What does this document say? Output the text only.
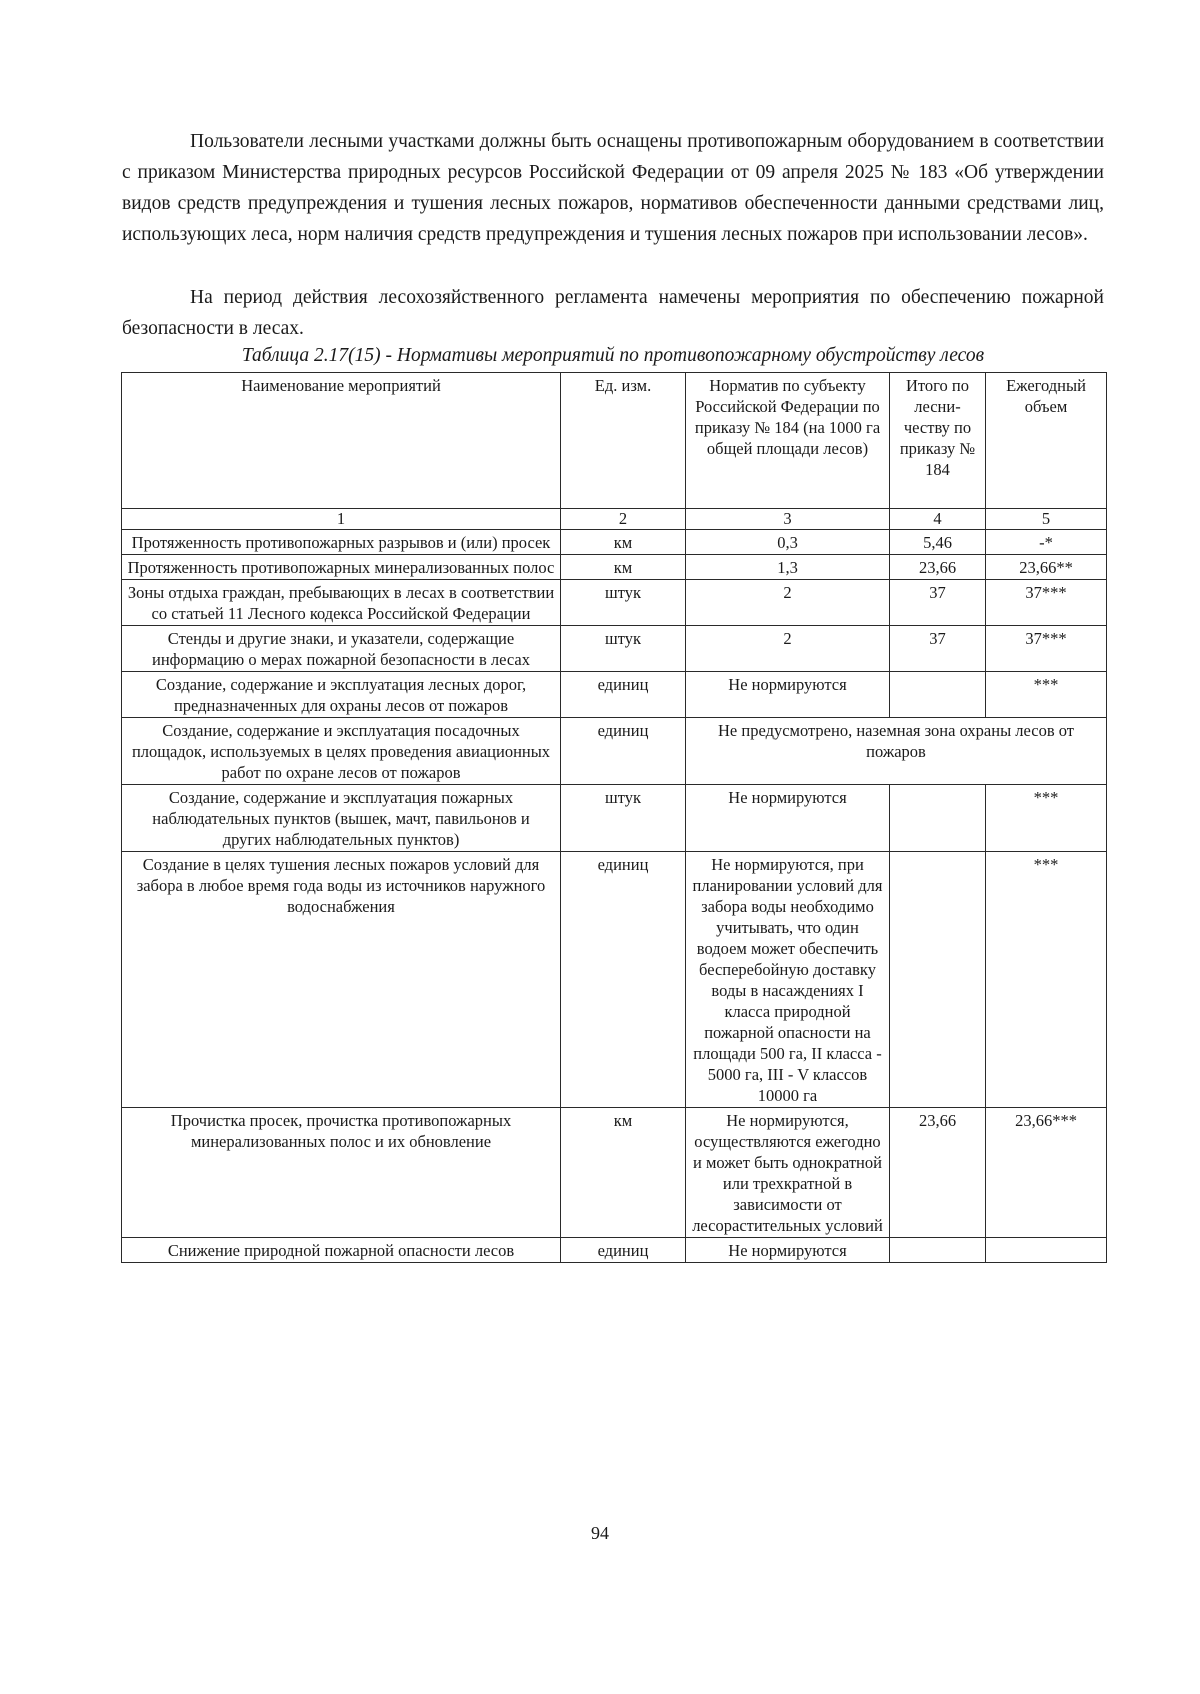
Пользователи лесными участками должны быть оснащены противопожарным оборудованием в соответствии с приказом Министерства природных ресурсов Российской Федерации от 09 апреля 2025 № 183 «Об утверждении видов средств предупреждения и тушения лесных пожаров, нормативов обеспеченности данными средствами лиц, использующих леса, норм наличия средств предупреждения и тушения лесных пожаров при использовании лесов».

На период действия лесохозяйственного регламента намечены мероприятия по обеспечению пожарной безопасности в лесах.

Таблица 2.17(15) - Нормативы мероприятий по противопожарному обустройству лесов

Наименование мероприятий	Ед. изм.	Норматив по субъекту Российской Федерации по приказу № 184 (на 1000 га общей площади лесов)	Итого по лесни-честву по приказу № 184	Ежегодный объем
1	2	3	4	5
Протяженность противопожарных разрывов и (или) просек	км	0,3	5,46	-*
Протяженность противопожарных минерализованных полос	км	1,3	23,66	23,66**
Зоны отдыха граждан, пребывающих в лесах в соответствии со статьей 11 Лесного кодекса Российской Федерации	штук	2	37	37***
Стенды и другие знаки, и указатели, содержащие информацию о мерах пожарной безопасности в лесах	штук	2	37	37***
Создание, содержание и эксплуатация лесных дорог, предназначенных для охраны лесов от пожаров	единиц	Не нормируются		***
Создание, содержание и эксплуатация посадочных площадок, используемых в целях проведения авиационных работ по охране лесов от пожаров	единиц	Не предусмотрено, наземная зона охраны лесов от пожаров		
Создание, содержание и эксплуатация пожарных наблюдательных пунктов (вышек, мачт, павильонов и других наблюдательных пунктов)	штук	Не нормируются		***
Создание в целях тушения лесных пожаров условий для забора в любое время года воды из источников наружного водоснабжения	единиц	Не нормируются, при планировании условий для забора воды необходимо учитывать, что один водоем может обеспечить бесперебойную доставку воды в насаждениях I класса природной пожарной опасности на площади 500 га, II класса - 5000 га, III - V классов 10000 га		***
Прочистка просек, прочистка противопожарных минерализованных полос и их обновление	км	Не нормируются, осуществляются ежегодно и может быть однократной или трехкратной в зависимости от лесорастительных условий	23,66	23,66***
Снижение природной пожарной опасности лесов	единиц	Не нормируются		

94
